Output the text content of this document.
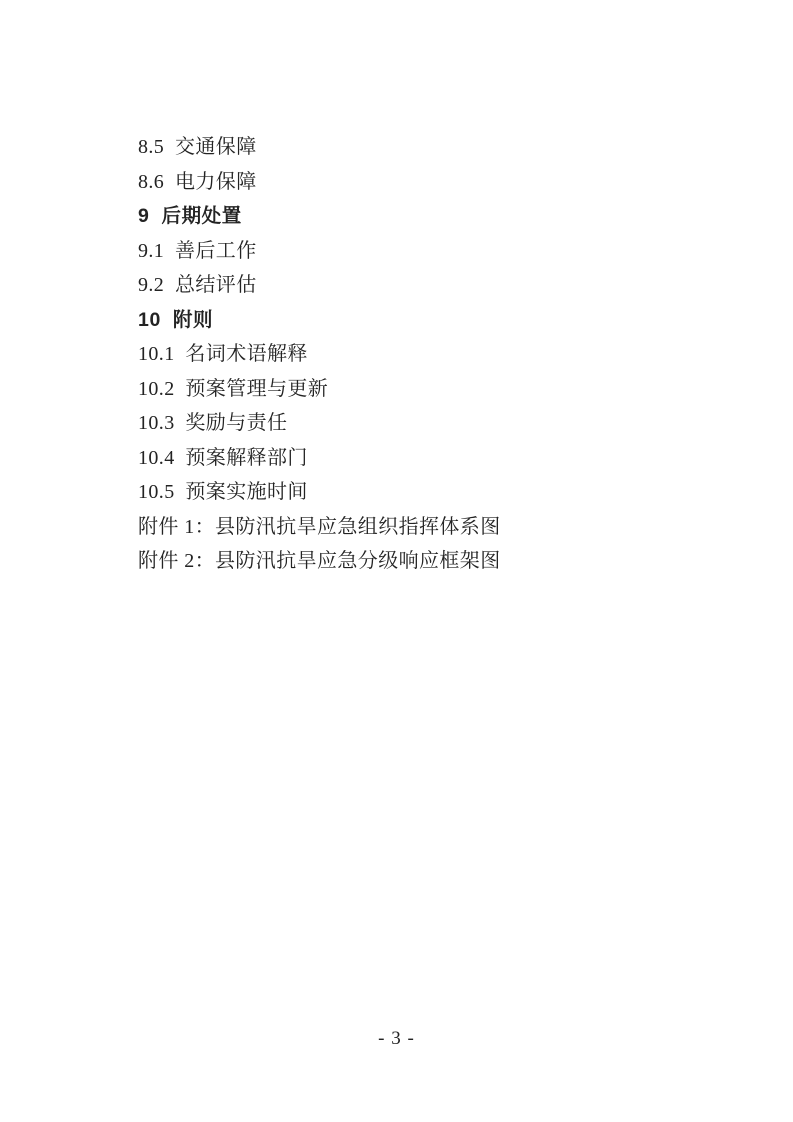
8.5  交通保障
8.6  电力保障
9  后期处置
9.1  善后工作
9.2  总结评估
10  附则
10.1  名词术语解释
10.2  预案管理与更新
10.3  奖励与责任
10.4  预案解释部门
10.5  预案实施时间
附件 1：县防汛抗旱应急组织指挥体系图
附件 2：县防汛抗旱应急分级响应框架图
- 3 -
